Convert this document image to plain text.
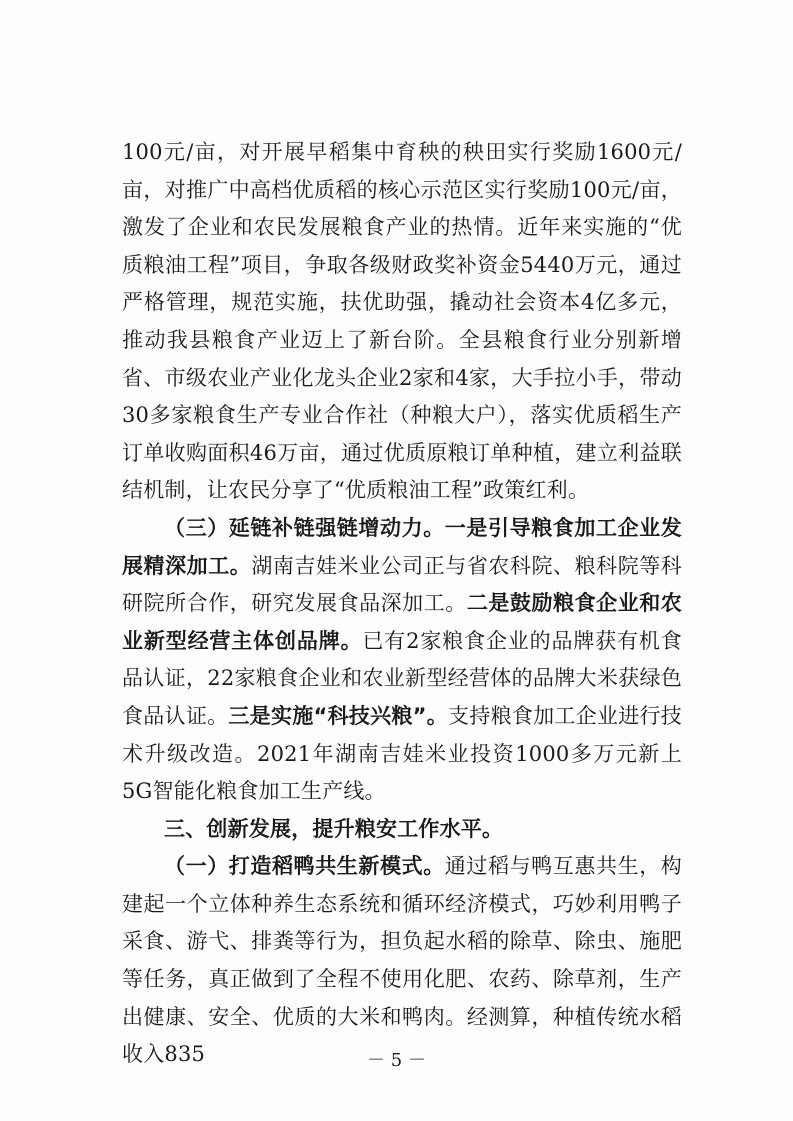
100元/亩，对开展早稻集中育秧的秧田实行奖励1600元/亩，对推广中高档优质稻的核心示范区实行奖励100元/亩，激发了企业和农民发展粮食产业的热情。近年来实施的“优质粮油工程”项目，争取各级财政奖补资金5440万元，通过严格管理，规范实施，扶优助强，撬动社会资本4亿多元，推动我县粮食产业迈上了新台阶。全县粮食行业分别新增省、市级农业产业化龙头企业2家和4家，大手拉小手，带动30多家粮食生产专业合作社（种粮大户），落实优质稻生产订单收购面积46万亩，通过优质原粮订单种植，建立利益联结机制，让农民分享了“优质粮油工程”政策红利。

（三）延链补链强链增动力。一是引导粮食加工企业发展精深加工。湖南吉娃米业公司正与省农科院、粮科院等科研院所合作，研究发展食品深加工。二是鼓励粮食企业和农业新型经营主体创品牌。已有2家粮食企业的品牌获有机食品认证，22家粮食企业和农业新型经营体的品牌大米获绿色食品认证。三是实施“科技兴粮”。支持粮食加工企业进行技术升级改造。2021年湖南吉娃米业投资1000多万元新上5G智能化粮食加工生产线。

三、创新发展，提升粮安工作水平。

（一）打造稻鸭共生新模式。通过稻与鸭互惠共生，构建起一个立体种养生态系统和循环经济模式，巧妙利用鸭子采食、游弋、排粪等行为，担负起水稻的除草、除虫、施肥等任务，真正做到了全程不使用化肥、农药、除草剂，生产出健康、安全、优质的大米和鸭肉。经测算，种植传统水稻收入835	－ 5 －
